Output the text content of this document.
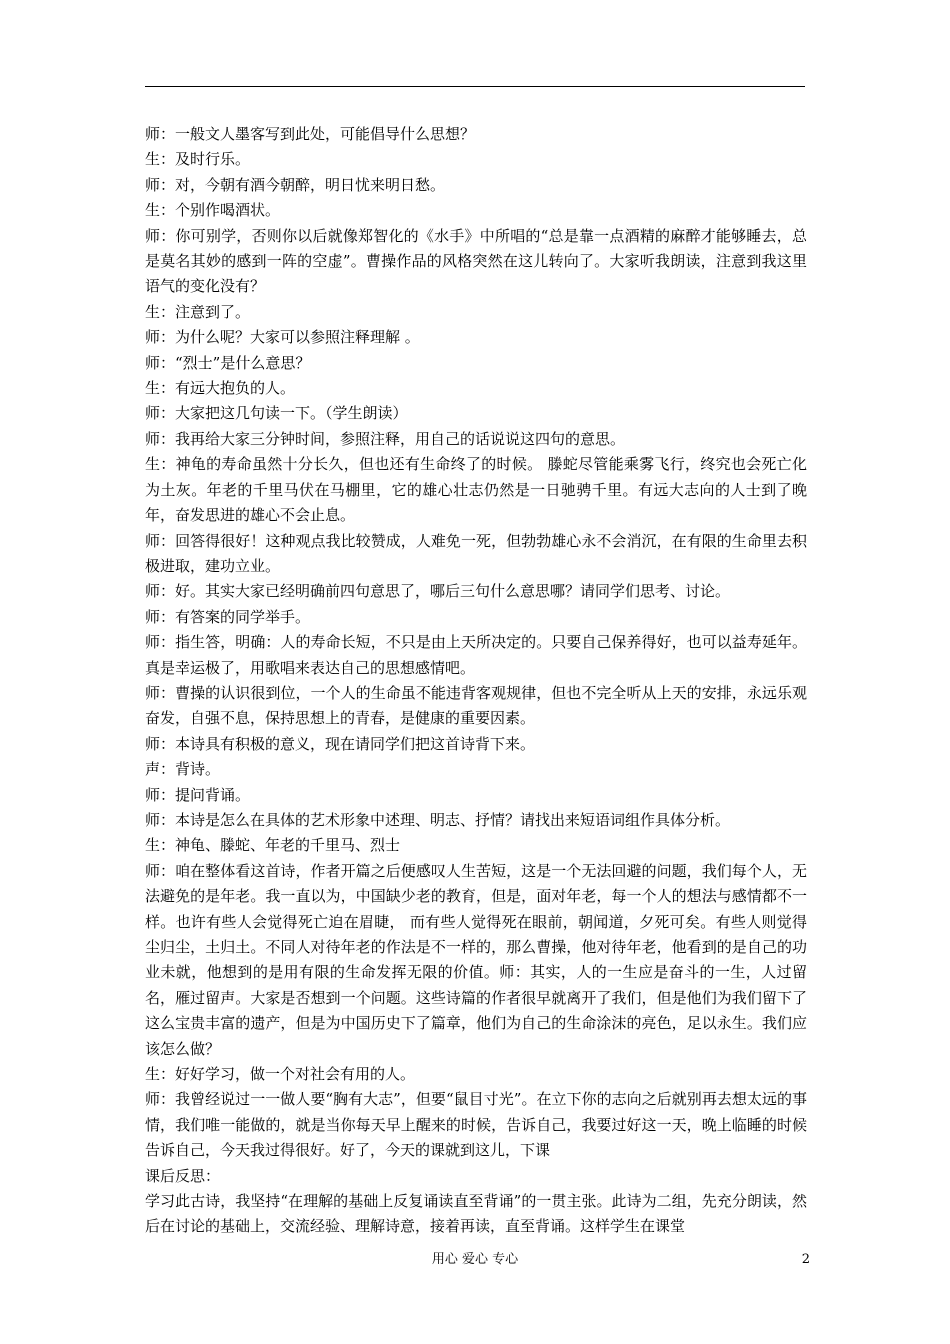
师：一般文人墨客写到此处，可能倡导什么思想？

生：及时行乐。

师：对，今朝有酒今朝醉，明日忧来明日愁。

生：个别作喝酒状。

师：你可别学，否则你以后就像郑智化的《水手》中所唱的“总是靠一点酒精的麻醉才能够睡去，总是莫名其妙的感到一阵的空虚”。曹操作品的风格突然在这儿转向了。大家听我朗读，注意到我这里语气的变化没有？

生：注意到了。

师：为什么呢？大家可以参照注释理解 。

师：“烈士”是什么意思？

生：有远大抱负的人。

师：大家把这几句读一下。（学生朗读）

师：我再给大家三分钟时间，参照注释，用自己的话说说这四句的意思。

生：神龟的寿命虽然十分长久，但也还有生命终了的时候。 滕蛇尽管能乘雾飞行，终究也会死亡化为土灰。年老的千里马伏在马棚里，它的雄心壮志仍然是一日驰骋千里。有远大志向的人士到了晚年，奋发思进的雄心不会止息。

师：回答得很好！这种观点我比较赞成，人难免一死，但勃勃雄心永不会消沉，在有限的生命里去积极进取，建功立业。

师：好。其实大家已经明确前四句意思了，哪后三句什么意思哪？请同学们思考、讨论。

师：有答案的同学举手。

师：指生答，明确：人的寿命长短，不只是由上天所决定的。只要自己保养得好，也可以益寿延年。真是幸运极了，用歌唱来表达自己的思想感情吧。

师：曹操的认识很到位，一个人的生命虽不能违背客观规律，但也不完全听从上天的安排，永远乐观奋发，自强不息，保持思想上的青春，是健康的重要因素。

师：本诗具有积极的意义，现在请同学们把这首诗背下来。

声：背诗。

师：提问背诵。

师：本诗是怎么在具体的艺术形象中述理、明志、抒情？请找出来短语词组作具体分析。

生：神龟、滕蛇、年老的千里马、烈士

师：咱在整体看这首诗，作者开篇之后便感叹人生苦短，这是一个无法回避的问题，我们每个人，无法避免的是年老。我一直以为，中国缺少老的教育，但是，面对年老，每一个人的想法与感情都不一样。也许有些人会觉得死亡迫在眉睫， 而有些人觉得死在眼前，朝闻道，夕死可矣。有些人则觉得尘归尘，土归土。不同人对待年老的作法是不一样的，那么曹操，他对待年老，他看到的是自己的功业未就，他想到的是用有限的生命发挥无限的价值。师：其实，人的一生应是奋斗的一生，人过留名，雁过留声。大家是否想到一个问题。这些诗篇的作者很早就离开了我们，但是他们为我们留下了这么宝贵丰富的遗产，但是为中国历史下了篇章，他们为自己的生命涂沫的亮色，足以永生。我们应该怎么做？

生：好好学习，做一个对社会有用的人。

师：我曾经说过一一做人要“胸有大志”，但要“鼠目寸光”。在立下你的志向之后就别再去想太远的事情，我们唯一能做的，就是当你每天早上醒来的时候，告诉自己，我要过好这一天，晚上临睡的时候告诉自己，今天我过得很好。好了，今天的课就到这儿，下课

课后反思：

学习此古诗，我坚持“在理解的基础上反复诵读直至背诵”的一贯主张。此诗为二组，先充分朗读，然后在讨论的基础上，交流经验、理解诗意，接着再读，直至背诵。这样学生在课堂

用心 爱心 专心	2
